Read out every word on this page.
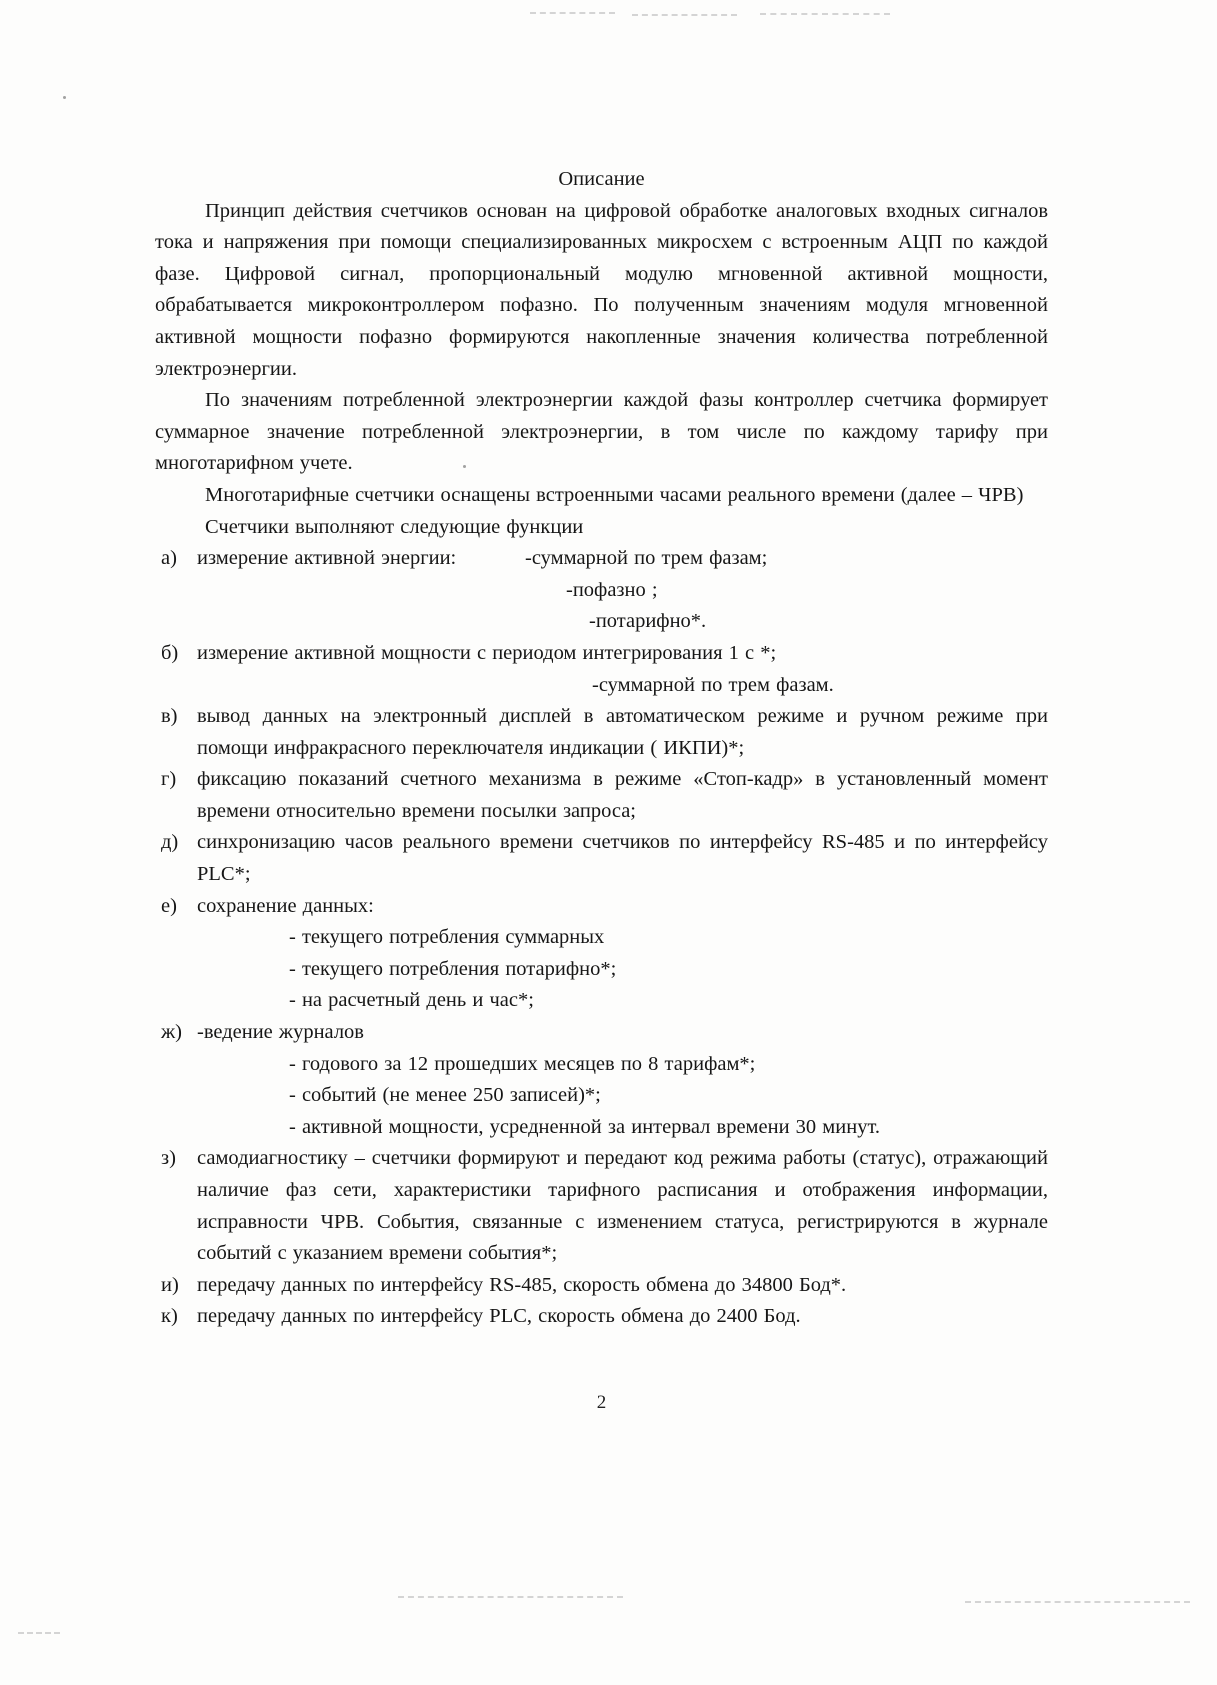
Описание

Принцип действия счетчиков основан на цифровой обработке аналоговых входных сигналов тока и напряжения при помощи специализированных микросхем с встроенным АЦП по каждой фазе. Цифровой сигнал, пропорциональный модулю мгновенной активной мощности, обрабатывается микроконтроллером пофазно. По полученным значениям модуля мгновенной активной мощности пофазно формируются накопленные значения количества потребленной электроэнергии.

По значениям потребленной электроэнергии каждой фазы контроллер счетчика формирует суммарное значение потребленной электроэнергии, в том числе по каждому тарифу при многотарифном учете.

Многотарифные счетчики оснащены встроенными часами реального времени (далее – ЧРВ)

Счетчики выполняют следующие функции

а) измерение активной энергии:	-суммарной по трем фазам;
-пофазно ;
-потарифно*.
б) измерение активной мощности с периодом интегрирования 1 с *;
-суммарной по трем фазам.
в) вывод данных на электронный дисплей в автоматическом режиме и ручном режиме при помощи инфракрасного переключателя индикации ( ИКПИ)*;
г)	фиксацию показаний счетного механизма в режиме «Стоп-кадр» в установленный момент времени относительно времени посылки запроса;
д) синхронизацию часов реального времени счетчиков по интерфейсу RS-485 и по интерфейсу PLC*;
е) сохранение данных:
- текущего потребления суммарных
- текущего потребления потарифно*;
- на расчетный день и час*;
ж) -ведение журналов
- годового за 12 прошедших месяцев по 8 тарифам*;
- событий (не менее 250 записей)*;
- активной мощности, усредненной за интервал времени 30 минут.
з)	самодиагностику – счетчики формируют и передают код режима работы (статус), отражающий наличие фаз сети, характеристики тарифного расписания и отображения информации, исправности ЧРВ. События, связанные с изменением статуса, регистрируются в журнале событий с указанием времени события*;
и) передачу данных по интерфейсу RS-485, скорость обмена до 34800 Бод*.
к) передачу данных по интерфейсу PLC, скорость обмена до 2400 Бод.
2
